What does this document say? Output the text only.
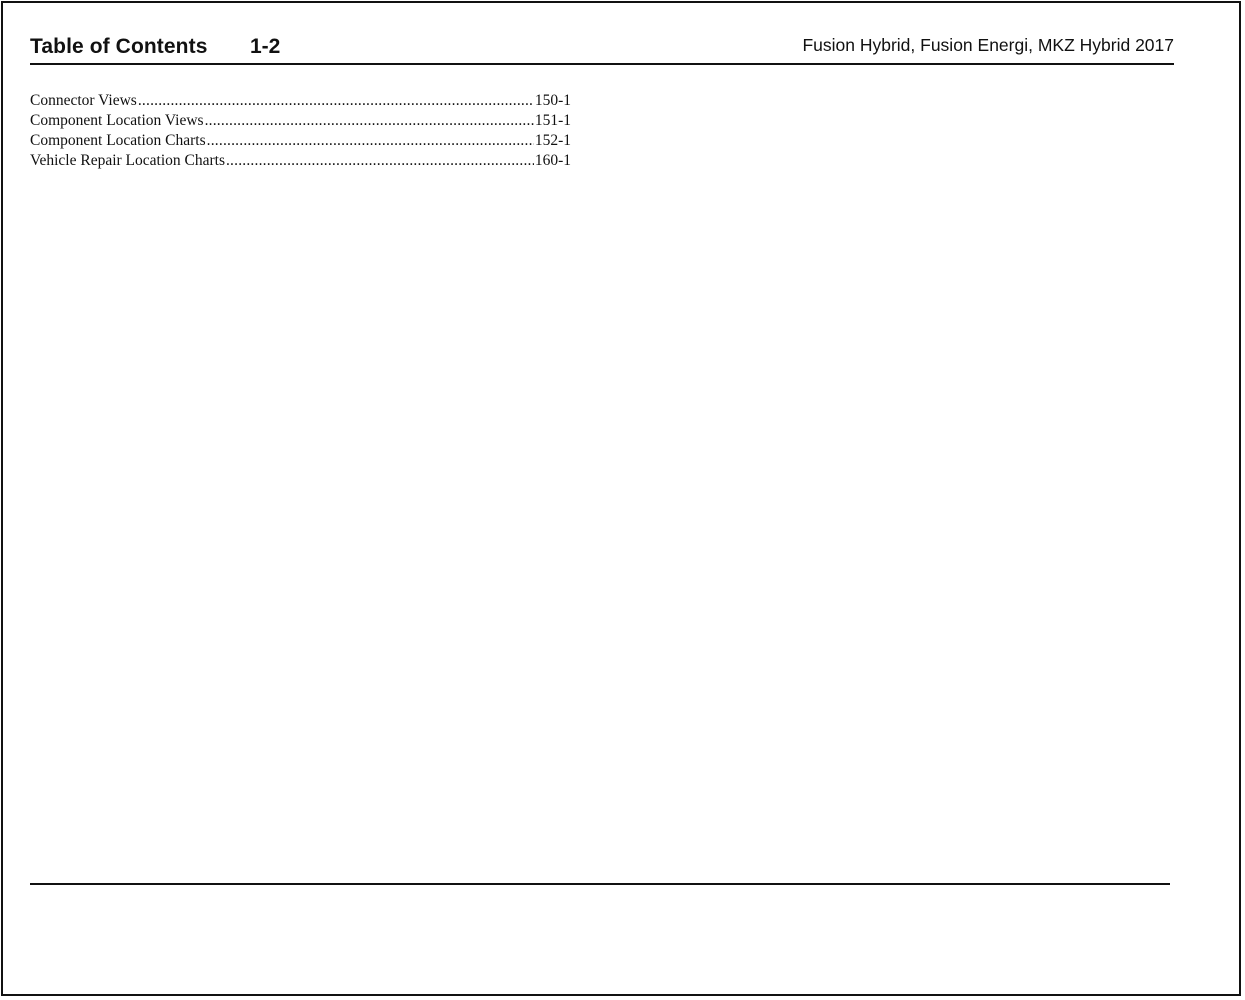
Table of Contents 1-2	Fusion Hybrid, Fusion Energi, MKZ Hybrid 2017
Connector Views .....	150-1
Component Location Views .....	151-1
Component Location Charts .....	152-1
Vehicle Repair Location Charts .....	160-1
